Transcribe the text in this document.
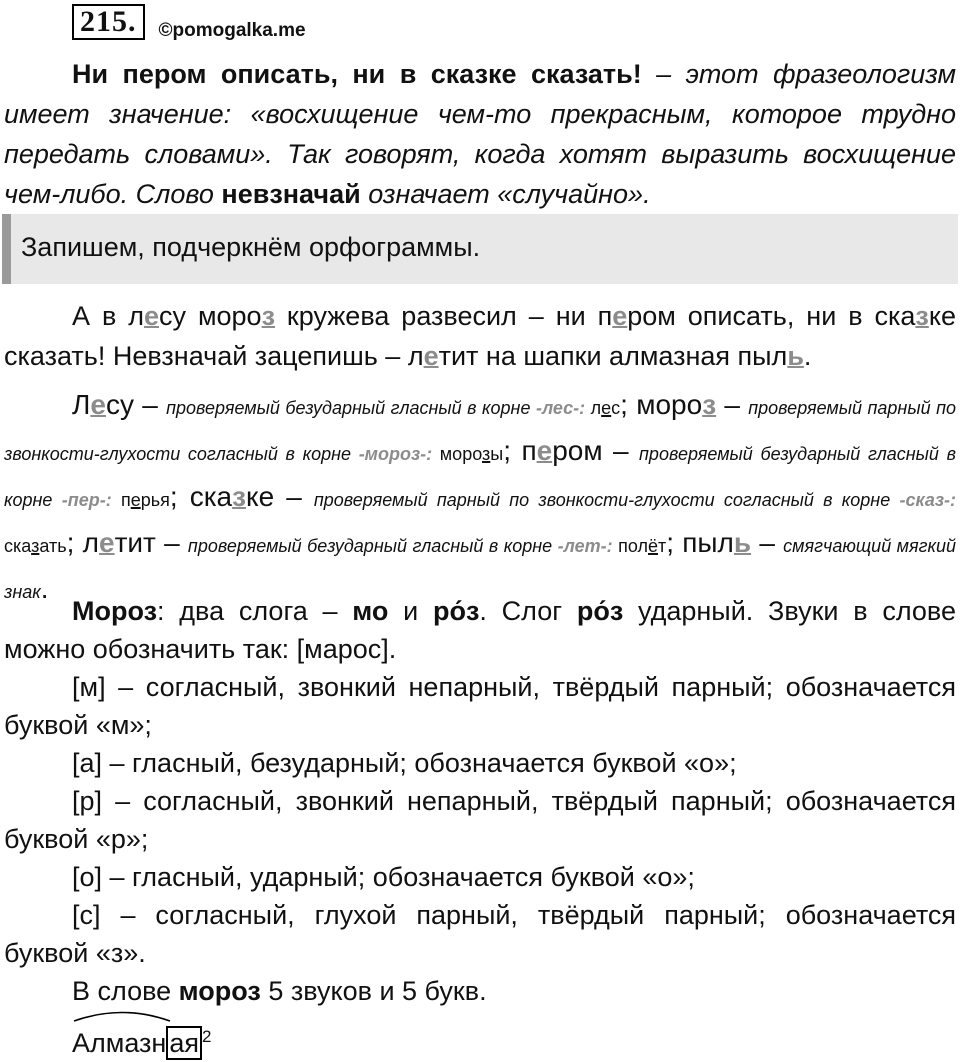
215.	©pomogalka.me
Ни пером описать, ни в сказке сказать! – этот фразеологизм имеет значение: «восхищение чем-то прекрасным, которое трудно передать словами». Так говорят, когда хотят выразить восхищение чем-либо. Слово невзначай означает «случайно».
Запишем, подчеркнём орфограммы.
А в лесу мороз кружева развесил – ни пером описать, ни в сказке сказать! Невзначай зацепишь – летит на шапки алмазная пыль.
Лесу – проверяемый безударный гласный в корне -лес-: лес; мороз – проверяемый парный по звонкости-глухости согласный в корне -мороз-: морозы; пером – проверяемый безударный гласный в корне -пер-: перья; сказке – проверяемый парный по звонкости-глухости согласный в корне -сказ-: сказать; летит – проверяемый безударный гласный в корне -лет-: полёт; пыль – смягчающий мягкий знак.
Мороз: два слога – мо и ро́з. Слог ро́з ударный. Звуки в слове можно обозначить так: [марос].
[м] – согласный, звонкий непарный, твёрдый парный; обозначается буквой «м»;
[а] – гласный, безударный; обозначается буквой «о»;
[р] – согласный, звонкий непарный, твёрдый парный; обозначается буквой «р»;
[о] – гласный, ударный; обозначается буквой «о»;
[с] – согласный, глухой парный, твёрдый парный; обозначается буквой «з».
В слове мороз 5 звуков и 5 букв.
Алмазн ая $^2$
